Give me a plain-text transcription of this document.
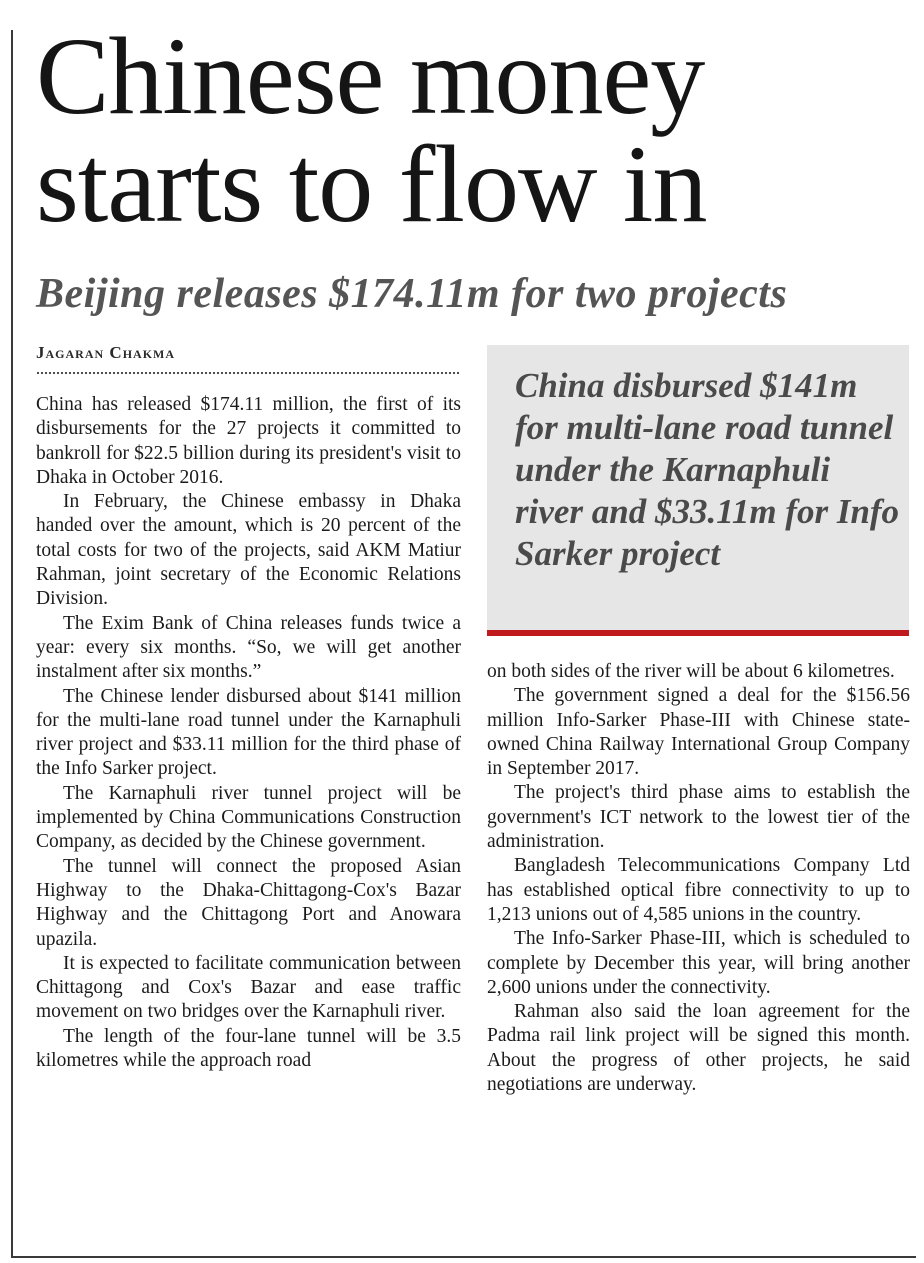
Chinese money
starts to flow in
Beijing releases $174.11m for two projects
Jagaran Chakma

China has released $174.11 million, the first of its disbursements for the 27 projects it committed to bankroll for $22.5 billion during its president's visit to Dhaka in October 2016.

In February, the Chinese embassy in Dhaka handed over the amount, which is 20 percent of the total costs for two of the projects, said AKM Matiur Rahman, joint secretary of the Economic Relations Division.

The Exim Bank of China releases funds twice a year: every six months. “So, we will get another instalment after six months.”

The Chinese lender disbursed about $141 million for the multi-lane road tunnel under the Karnaphuli river project and $33.11 million for the third phase of the Info Sarker project.

The Karnaphuli river tunnel project will be implemented by China Communications Construction Company, as decided by the Chinese government.

The tunnel will connect the proposed Asian Highway to the Dhaka-Chittagong-Cox's Bazar Highway and the Chittagong Port and Anowara upazila.

It is expected to facilitate communication between Chittagong and Cox's Bazar and ease traffic movement on two bridges over the Karnaphuli river.

The length of the four-lane tunnel will be 3.5 kilometres while the approach road

China disbursed $141m for multi-lane road tunnel under the Karnaphuli river and $33.11m for Info Sarker project

on both sides of the river will be about 6 kilometres.

The government signed a deal for the $156.56 million Info-Sarker Phase-III with Chinese state-owned China Railway International Group Company in September 2017.

The project's third phase aims to establish the government's ICT network to the lowest tier of the administration.

Bangladesh Telecommunications Company Ltd has established optical fibre connectivity to up to 1,213 unions out of 4,585 unions in the country.

The Info-Sarker Phase-III, which is scheduled to complete by December this year, will bring another 2,600 unions under the connectivity.

Rahman also said the loan agreement for the Padma rail link project will be signed this month. About the progress of other projects, he said negotiations are underway.
